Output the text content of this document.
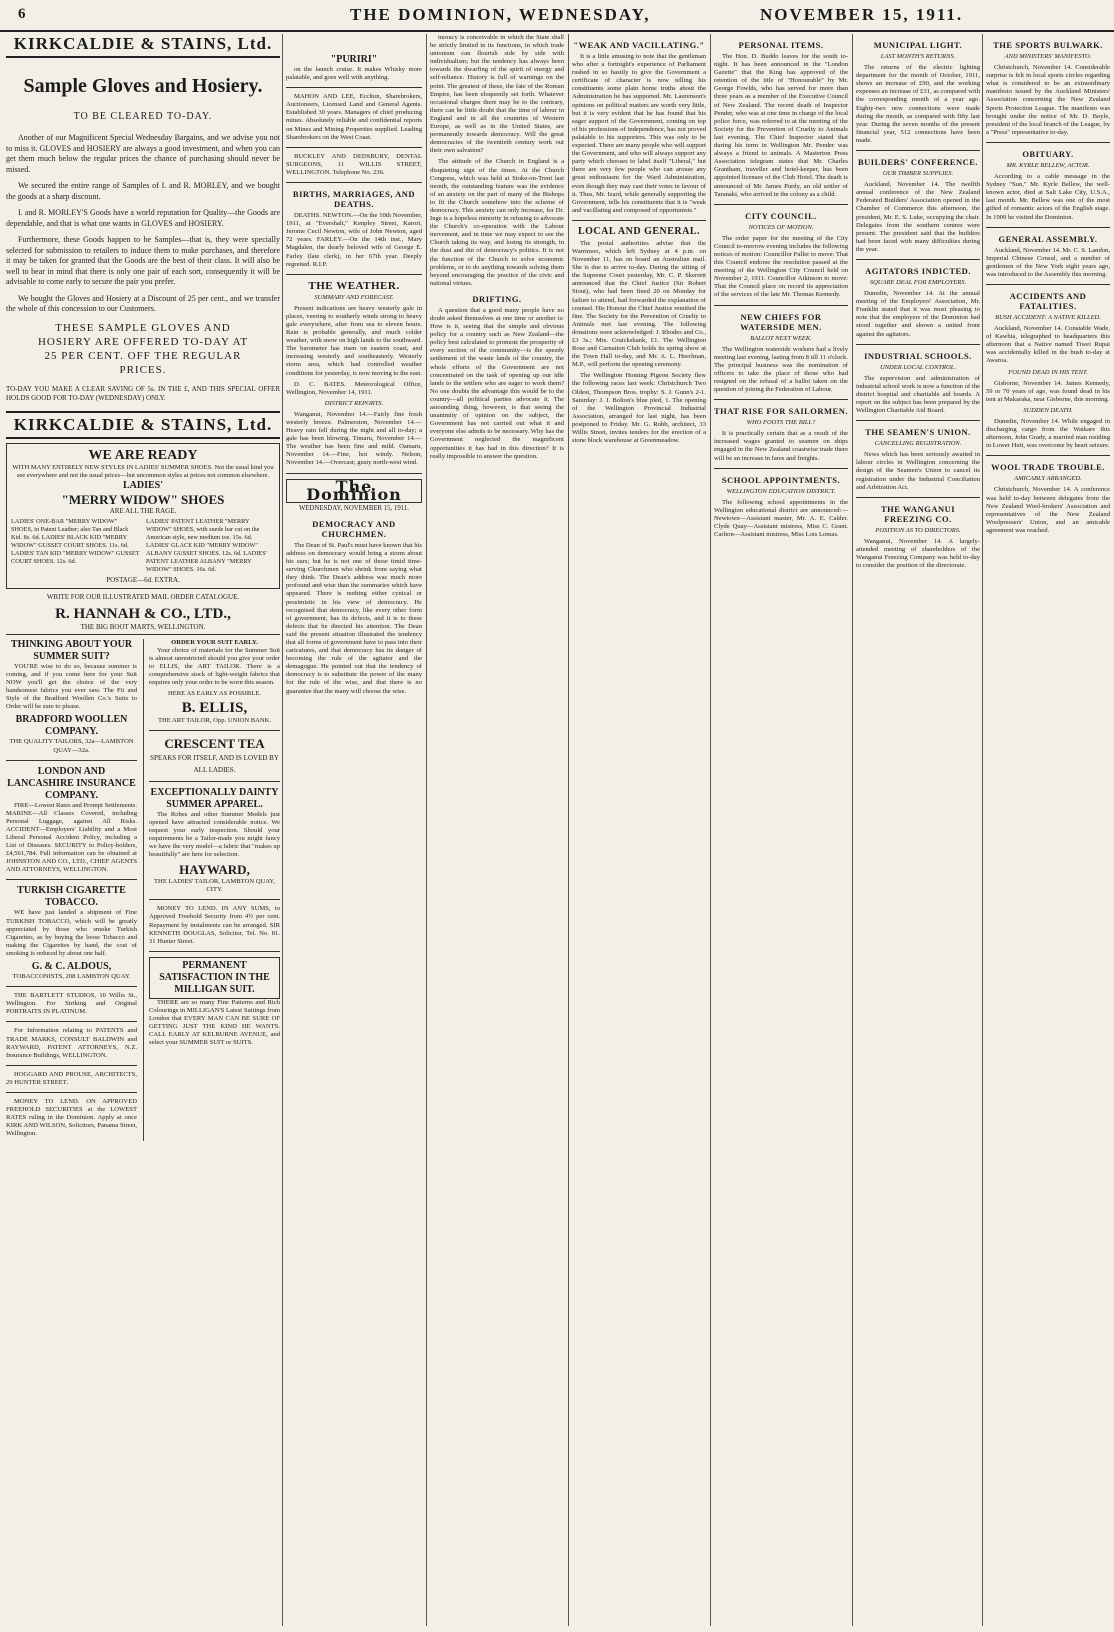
6	THE DOMINION, WEDNESDAY,	NOVEMBER 15, 1911.
KIRKCALDIE & STAINS, Ltd.
Sample Gloves and Hosiery.
TO BE CLEARED TO-DAY.

Another of our Magnificent Special Wednesday Bargains, and we advise you not to miss it. GLOVES and HOSIERY are always a good investment, and when you can get them much below the regular prices the chance of purchasing should never be missed.

We secured the entire range of Samples of I. and R. MORLEY, and we bought the goods at a sharp discount.

I. and R. MORLEY'S Goods have a world reputation for Quality—the Goods are dependable, and that is what one wants in GLOVES and HOSIERY.

Furthermore, these Goods happen to be Samples—that is, they were specially selected for submission to retailers to induce them to make purchases, and therefore it may be taken for granted that the Goods are the best of their class. It will also be well to bear in mind that there is only one pair of each sort, consequently it will be advisable to come early to secure the pair you prefer.

We bought the Gloves and Hosiery at a Discount of 25 per cent., and we transfer the whole of this concession to our Customers.

THESE SAMPLE GLOVES AND HOSIERY ARE OFFERED TO-DAY AT 25 PER CENT. OFF THE REGULAR PRICES.
TO-DAY YOU MAKE A CLEAR SAVING OF 5s. IN THE £, AND THIS SPECIAL OFFER HOLDS GOOD FOR TO-DAY (WEDNESDAY) ONLY.
KIRKCALDIE & STAINS, Ltd.
WE ARE READY
WITH MANY ENTIRELY NEW STYLES IN LADIES' SUMMER SHOES. Not the usual kind you see everywhere and not the usual prices—but uncommon styles at prices not common elsewhere.
LADIES'
"MERRY WIDOW" SHOES
ARE ALL THE RAGE.
LADIES' ONE-BAR "MERRY WIDOW" SHOES, in Patent Leather; also Tan and Black Kid. 8s. 6d. LADIES' BLACK KID "MERRY WIDOW" GUSSET COURT SHOES. 11s. 6d. LADIES' TAN KID "MERRY WIDOW" GUSSET COURT SHOES. 12s. 6d.
LADIES' PATENT LEATHER "MERRY WIDOW" SHOES, with suede bar cut on the American style, new medium toe. 15s. 6d. LADIES' GLACE KID "MERRY WIDOW" ALBANY GUSSET SHOES. 12s. 6d. LADIES' PATENT LEATHER ALBANY "MERRY WIDOW" SHOES. 16s. 6d.
POSTAGE—6d. EXTRA.
WRITE FOR OUR ILLUSTRATED MAIL ORDER CATALOGUE.
R. HANNAH & CO., LTD.,
THE BIG BOOT MARTS, WELLINGTON.
THINKING ABOUT YOUR SUMMER SUIT?

YOU'RE wise to do so, because summer is coming, and if you come here for your Suit NOW you'll get the choice of the very handsomest fabrics you ever saw. The Fit and Style of the Bradford Woollen Co.'s Suits to Order will be sure to please.

BRADFORD WOOLLEN COMPANY.
THE QUALITY TAILORS, 32a—LAMBTON QUAY—32a.
LONDON AND LANCASHIRE INSURANCE COMPANY.

FIRE—Lowest Rates and Prompt Settlements. MARINE—All Classes Covered, including Personal Luggage, against All Risks. ACCIDENT—Employers' Liability and a Most Liberal Personal Accident Policy, including a List of Diseases. SECURITY to Policy-holders, £4,561,784. Full information can be obtained at JOHNSTON AND CO., LTD., CHIEF AGENTS AND ATTORNEYS, WELLINGTON.

TURKISH CIGARETTE TOBACCO.

WE have just landed a shipment of Fine TURKISH TOBACCO, which will be greatly appreciated by those who smoke Turkish Cigarettes, as by buying the loose Tobacco and making the Cigarettes by hand, the cost of smoking is reduced by about one half.

G. & C. ALDOUS,
TOBACCONISTS, 208 LAMBTON QUAY.

THE BARTLETT STUDIOS, 10 Willis St., Wellington. For Striking and Original PORTRAITS IN PLATINUM.

For Information relating to PATENTS and TRADE MARKS, CONSULT BALDWIN and RAYWARD, PATENT ATTORNEYS, N.Z. Insurance Buildings, WELLINGTON.

HOGGARD AND PROUSE, ARCHITECTS, 29 HUNTER STREET.

MONEY TO LEND. ON APPROVED FREEHOLD SECURITIES at the LOWEST RATES ruling in the Dominion. Apply at once KIRK AND WILSON, Solicitors, Panama Street, Wellington.

ORDER YOUR SUIT EARLY.

Your choice of materials for the Summer Suit is almost unrestricted should you give your order to ELLIS, the ART TAILOR. There is a comprehensive stock of light-weight fabrics that requires only your order to be worn this season.

HERE AS EARLY AS POSSIBLE.
B. ELLIS,
THE ART TAILOR, Opp. UNION BANK.
CRESCENT TEA
SPEAKS FOR ITSELF, AND IS LOVED BY ALL LADIES.
EXCEPTIONALLY DAINTY SUMMER APPAREL.

The Robes and other Summer Models just opened have attracted considerable notice. We request your early inspection. Should your requirements be a Tailor-made you might fancy we have the very model—a fabric that "makes up beautifully" are here for selection.

HAYWARD,
THE LADIES' TAILOR, LAMBTON QUAY, CITY.

MONEY TO LEND. IN ANY SUMS, to Approved Freehold Security from 4½ per cent. Repayment by instalments can be arranged. SIR KENNETH DOUGLAS, Solicitor, Tel. No. 81. 31 Hunter Street.

PERMANENT SATISFACTION IN THE MILLIGAN SUIT.

THERE are so many Fine Patterns and Rich Colourings in MILLIGAN'S Latest Suitings from London that EVERY MAN CAN BE SURE OF GETTING JUST THE KIND HE WANTS. CALL EARLY AT KELBURNE AVENUE, and select your SUMMER SUIT or SUITS.

"PURIRI"

on the launch cruise. It makes Whisky more palatable, and goes well with anything.

MAHON AND LEE, Ecclton, Sharebrokers, Auctioneers, Licensed Land and General Agents. Established 30 years. Managers of chief producing mines. Absolutely reliable and confidential reports on Mines and Mining Properties supplied. Leading Sharebrokers on the West Coast.

BUCKLEY AND DEDSBURY, DENTAL SURGEONS, 11 WILLIS STREET, WELLINGTON. Telephone No. 236.

BIRTHS, MARRIAGES, AND DEATHS.

DEATHS. NEWTON.—On the 10th November, 1911, at "Evershalt," Kenpley Street, Karori, Jerome Cecil Newton, wife of John Newton, aged 72 years. FARLEY.—On the 14th inst., Mary Magdalen, the dearly beloved wife of George E. Farley (late clerk), in her 67th year. Deeply regretted. R.I.P.

THE WEATHER.
SUMMARY AND FORECAST.

Present indications are heavy westerly gale in places, veering to southerly winds strong to heavy gale everywhere, after from sea to eleven hours. Rain is probable generally, and much colder weather, with snow on high lands to the southward. The barometer has risen on eastern coast, and increasing westerly and southeasterly. Westerly storm area, which had controlled weather conditions for yesterday, is now moving to the east.

D. C. BATES. Meteorological Office, Wellington, November 14, 1911.

DISTRICT REPORTS.

Wanganui, November 14.—Fairly fine fresh westerly breeze. Palmerston, November 14.—Heavy rain fell during the night and all to-day; a gale has been blowing. Timaru, November 14.—The weather has been fine and mild. Oamaru, November 14.—Fine, hot windy. Nelson, November 14.—Overcast; gusty north-west wind.

The Dominion
WEDNESDAY, NOVEMBER 15, 1911.
DEMOCRACY AND CHURCHMEN.

The Dean of St. Paul's must have known that his address on democracy would bring a storm about his ears; but he is not one of those timid time-serving Churchmen who shrink from saying what they think. The Dean's address was much more profound and wise than the summaries which have appeared. There is nothing either cynical or pessimistic in his view of democracy. He recognised that democracy, like every other form of government, has its defects, and it is to these defects that he directed his attention. The Dean said the present situation illustrated the tendency that all forms of government have to pass into their caricatures, and that democracy has its danger of becoming the rule of the agitator and the demagogue. He pointed out that the tendency of democracy is to substitute the power of the many for the rule of the wise, and that there is no guarantee that the many will choose the wise.

inoracy is conceivable in which the State shall be strictly limited in its functions, in which trade unionism can flourish side by side with individualism; but the tendency has always been towards the dwarfing of the spirit of energy and self-reliance. History is full of warnings on the point. The greatest of these, the fate of the Roman Empire, has been eloquently set forth. Whatever occasional charges there may be to the contrary, there can be little doubt that the time of labour in England and in all the countries of Western Europe, as well as in the United States, are permanently towards democracy. Will the great democracies of the twentieth century work out their own salvation?

The attitude of the Church in England is a disquieting sign of the times. At the Church Congress, which was held at Stoke-on-Trent last month, the outstanding feature was the evidence of an anxiety on the part of many of the Bishops to fit the Church somehow into the scheme of democracy. This anxiety can only increase, for Dr. Inge is a hopeless minority in refusing to advocate the Church's co-operation with the Labour movement, and in time we may expect to see the Church taking its way, and losing its strength, in the dust and din of democracy's politics. It is not the function of the Church to solve economic problems, or to do anything towards solving them beyond encouraging the practice of the civic and national virtues.

DRIFTING.

A question that a good many people have no doubt asked themselves at one time or another is: How is it, seeing that the simple and obvious policy for a country such as New Zealand—the policy best calculated to promote the prosperity of every section of the community—is the speedy settlement of the waste lands of the country, the whole efforts of the Government are not concentrated on the task of opening up our idle lands to the settlers who are eager to work them? No one doubts the advantage this would be to the country—all political parties advocate it. The astounding thing, however, is that seeing the unanimity of opinion on the subject, the Government has not carried out what it and everyone else admits to be necessary. Why has the Government neglected the magnificent opportunities it has had in this direction? It is really impossible to answer the question.

"WEAK AND VACILLATING."

It is a little amusing to note that the gentleman who after a fortnight's experience of Parliament rushed in so hastily to give the Government a certificate of character is now telling his constituents some plain home truths about the Administration he has supported. Mr. Laurenson's opinions on political matters are worth very little, but it is very evident that he has found that his eager support of the Government, coming on top of his professions of independence, has not proved palatable to his supporters. This was only to be expected. There are many people who will support the Government, and who will always support any party which chooses to label itself "Liberal," but there are very few people who can arouse any great enthusiasm for the Ward Administration, even though they may cast their votes in favour of it. Thus, Mr. Izard, while generally supporting the Government, tells his constituents that it is "weak and vacillating and composed of opportunists."

LOCAL AND GENERAL.

The postal authorities advise that the Warrimoo, which left Sydney at 4 p.m. on November 11, has on board an Australian mail. She is due to arrive to-day. During the sitting of the Supreme Court yesterday, Mr. C. P. Skerrett announced that the Chief Justice (Sir Robert Stout), who had been fined 20 on Monday for failure to attend, had forwarded the explanation of counsel. His Honour the Chief Justice remitted the fine. The Society for the Prevention of Cruelty to Animals met last evening. The following donations were acknowledged: J. Rhodes and Co., £3 3s.; Mrs. Cruickshank, £1. The Wellington Rose and Carnation Club holds its spring show at the Town Hall to-day, and Mr. A. L. Heerlman, M.P., will perform the opening ceremony.

The Wellington Homing Pigeon Society flew the following races last week: Christchurch Two Oldest, Thompson Bros. trophy: S. J. Gunn's 2-1. Saturday: J. J. Bolton's blue pied, 1. The opening of the Wellington Provincial Industrial Association, arranged for last night, has been postponed to Friday. Mr. G. Robb, architect, 33 Willis Street, invites tenders for the erection of a stone block warehouse at Greenmeadow.

PERSONAL ITEMS.

The Hon. D. Buddo leaves for the south to-night. It has been announced in the "London Gazette" that the King has approved of the retention of the title of "Honourable" by Mr. George Fowlds, who has served for more than three years as a member of the Executive Council of New Zealand. The recent death of Inspector Pender, who was at one time in charge of the local police force, was referred to at the meeting of the Society for the Prevention of Cruelty to Animals last evening. The Chief Inspector stated that during his term in Wellington Mr. Pender was always a friend to animals. A Masterton Press Association telegram states that Mr. Charles Grantham, traveller and hotel-keeper, has been appointed licensee of the Club Hotel. The death is announced of Mr. James Purdy, an old settler of Taranaki, who arrived in the colony as a child.

CITY COUNCIL.
NOTICES OF MOTION.

The order paper for the meeting of the City Council to-morrow evening includes the following notices of motion: Councillor Fuller to move: That this Council endorse the resolution passed at the meeting of the Wellington City Council held on November 2, 1911. Councillor Atkinson to move: That the Council place on record its appreciation of the services of the late Mr. Thomas Kennedy.

NEW CHIEFS FOR WATERSIDE MEN.
BALLOT NEXT WEEK.

The Wellington waterside workers had a lively meeting last evening, lasting from 8 till 11 o'clock. The principal business was the nomination of officers to take the place of those who had resigned on the refusal of a ballot taken on the question of joining the Federation of Labour.

THAT RISE FOR SAILORMEN.
WHO FOOTS THE BILL?

It is practically certain that as a result of the increased wages granted to seamen on ships engaged in the New Zealand coastwise trade there will be an increase in fares and freights.

SCHOOL APPOINTMENTS.
WELLINGTON EDUCATION DISTRICT.

The following school appointments in the Wellington educational district are announced:— Newtown—Assistant master, Mr. A. E. Calder. Clyde Quay—Assistant mistress, Miss C. Grant. Carlton—Assistant mistress, Miss Lois Lomas.

MUNICIPAL LIGHT.
LAST MONTH'S RETURNS.

The returns of the electric lighting department for the month of October, 1911, shows an increase of £90, and the working expenses an increase of £31, as compared with the corresponding month of a year ago. Eighty-two new connections were made during the month, as compared with fifty last year. During the seven months of the present financial year, 512 connections have been made.

BUILDERS' CONFERENCE.
OUR TIMBER SUPPLIES.

Auckland, November 14. The twelfth annual conference of the New Zealand Federated Builders' Association opened in the Chamber of Commerce this afternoon, the president, Mr. E. S. Luke, occupying the chair. Delegates from the southern centres were present. The president said that the builders had been faced with many difficulties during the year.

AGITATORS INDICTED.
SQUARE DEAL FOR EMPLOYERS.

Dunedin, November 14. At the annual meeting of the Employers' Association, Mr. Franklin stated that it was most pleasing to note that the employers of the Dominion had stood together and shown a united front against the agitators.

INDUSTRIAL SCHOOLS.
UNDER LOCAL CONTROL.

The supervision and administration of industrial school work is now a function of the district hospital and charitable aid boards. A report on the subject has been prepared by the Wellington Charitable Aid Board.

THE SEAMEN'S UNION.
CANCELLING REGISTRATION.

News which has been seriously awaited in labour circles in Wellington concerning the design of the Seamen's Union to cancel its registration under the Industrial Conciliation and Arbitration Act.

THE WANGANUI FREEZING CO.
POSITION AS TO DIRECTORS.

Wanganui, November 14. A largely-attended meeting of shareholders of the Wanganui Freezing Company was held to-day to consider the position of the directorate.

THE SPORTS BULWARK.
AND MINISTERS' MANIFESTO.

Christchurch, November 14. Considerable surprise is felt in local sports circles regarding what is considered to be an extraordinary manifesto issued by the Auckland Ministers' Association concerning the New Zealand Sports Protection League. The manifesto was brought under the notice of Mr. D. Boyle, president of the local branch of the League, by a "Press" representative to-day.

OBITUARY.
MR. KYRLE BELLEW, ACTOR.

According to a cable message in the Sydney "Sun," Mr. Kyrle Bellew, the well-known actor, died at Salt Lake City, U.S.A., last month. Mr. Bellew was one of the most gifted of romantic actors of the English stage. In 1909 he visited the Dominion.

GENERAL ASSEMBLY.

Auckland, November 14. Mr. C. S. Landon, Imperial Chinese Consul, and a number of gentlemen of the New York eight years ago, was introduced to the Assembly this morning.

ACCIDENTS AND FATALITIES.
BUSH ACCIDENT: A NATIVE KILLED.

Auckland, November 14. Constable Wade, of Kawhia, telegraphed to headquarters this afternoon that a Native named Tiwei Rupai was accidentally killed in the bush to-day at Awaroa.

FOUND DEAD IN HIS TENT.

Gisborne, November 14. James Kennedy, 59 or 70 years of age, was found dead in his tent at Makaraka, near Gisborne, this morning.

SUDDEN DEATH.

Dunedin, November 14. While engaged in discharging cargo from the Waikare this afternoon, John Grady, a married man residing in Lower Hutt, was overcome by heart seizure.

WOOL TRADE TROUBLE.
AMICABLY ARRANGED.

Christchurch, November 14. A conference was held to-day between delegates from the New Zealand Wool-brokers' Association and representatives of the New Zealand Woolpressers' Union, and an amicable agreement was reached.
